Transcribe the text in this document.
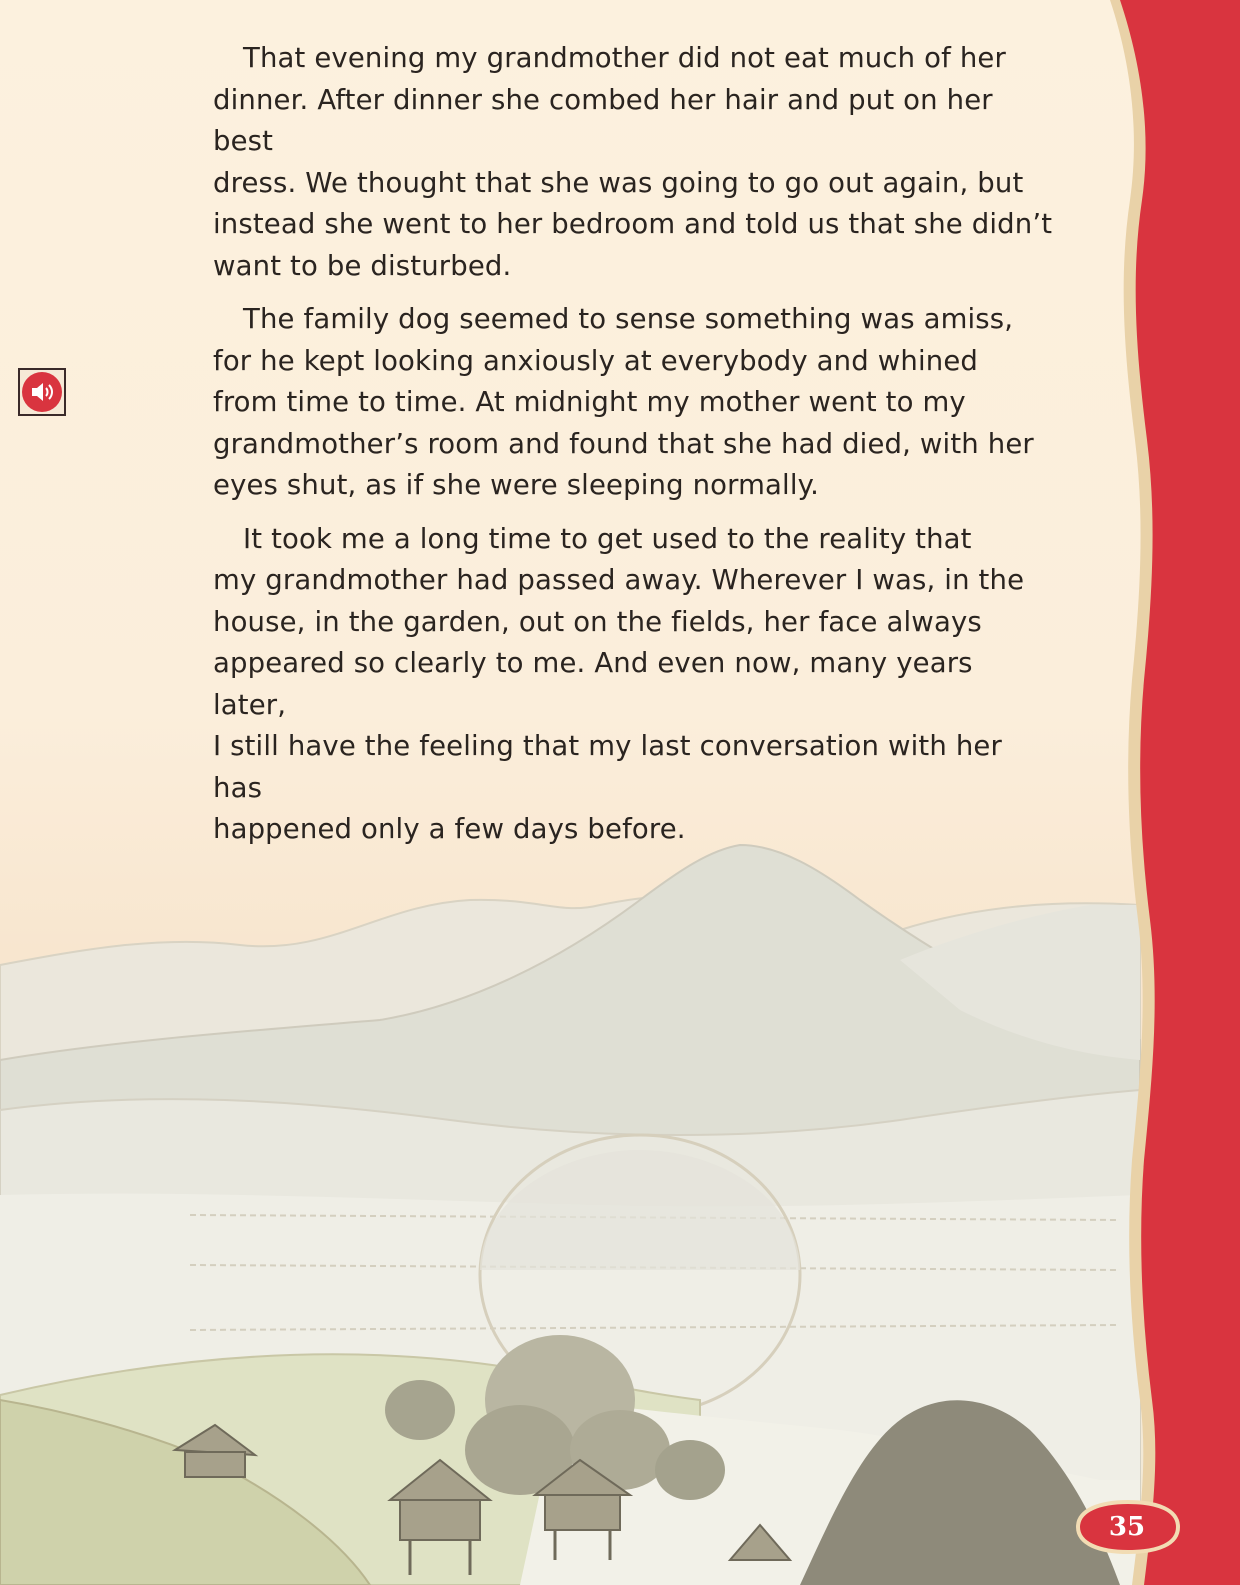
That evening my grandmother did not eat much of her
dinner. After dinner she combed her hair and put on her best
dress. We thought that she was going to go out again, but
instead she went to her bedroom and told us that she didn’t
want to be disturbed.

The family dog seemed to sense something was amiss,
for he kept looking anxiously at everybody and whined
from time to time. At midnight my mother went to my
grandmother’s room and found that she had died, with her
eyes shut, as if she were sleeping normally.

It took me a long time to get used to the reality that
my grandmother had passed away. Wherever I was, in the
house, in the garden, out on the fields, her face always
appeared so clearly to me. And even now, many years later,
I still have the feeling that my last conversation with her has
happened only a few days before.

35
